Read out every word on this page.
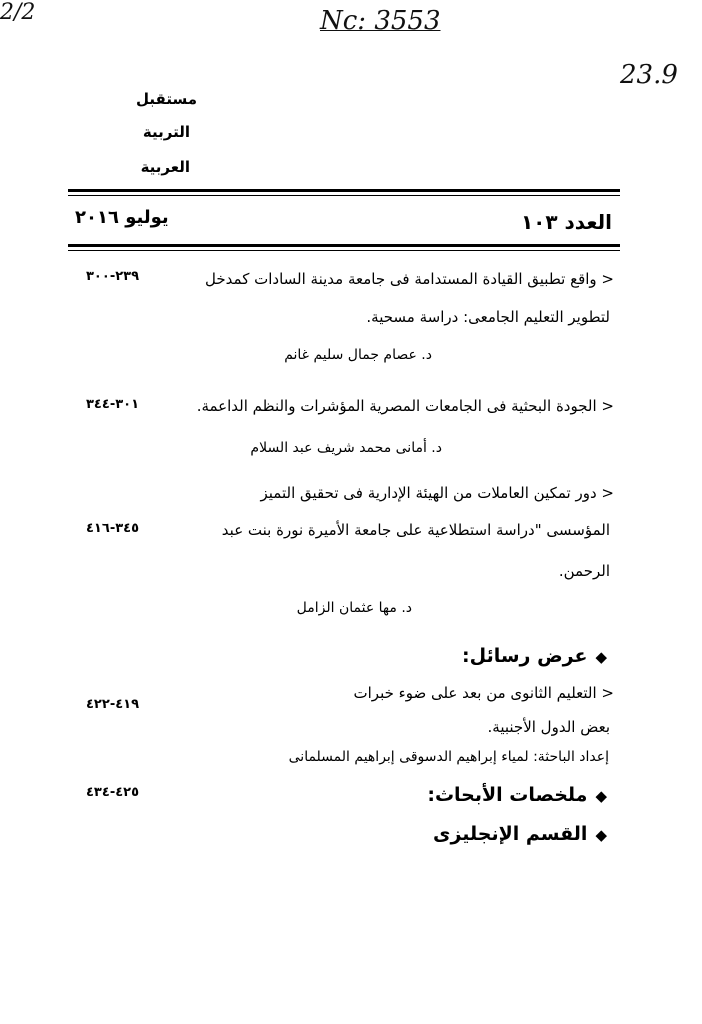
2/2	Nc: 3553
23.9
مستقبل
التربية
العربية
العدد ١٠٣
يوليو ٢٠١٦
< واقع تطبيق القيادة المستدامة فى جامعة مدينة السادات كمدخل
٢٣٩-٣٠٠
لتطوير التعليم الجامعى: دراسة مسحية.
د. عصام جمال سليم غانم
< الجودة البحثية فى الجامعات المصرية المؤشرات والنظم الداعمة.
٣٠١-٣٤٤
د. أمانى محمد شريف عبد السلام
< دور تمكين العاملات من الهيئة الإدارية فى تحقيق التميز
المؤسسى "دراسة استطلاعية على جامعة الأميرة نورة بنت عبد
٣٤٥-٤١٦
الرحمن.
د. مها عثمان الزامل
◆عرض رسائل:
< التعليم الثانوى من بعد على ضوء خبرات
٤١٩-٤٢٢
بعض الدول الأجنبية.
إعداد الباحثة: لمياء إبراهيم الدسوقى إبراهيم المسلمانى
◆ملخصات الأبحاث:
٤٢٥-٤٣٤
◆القسم الإنجليزى
